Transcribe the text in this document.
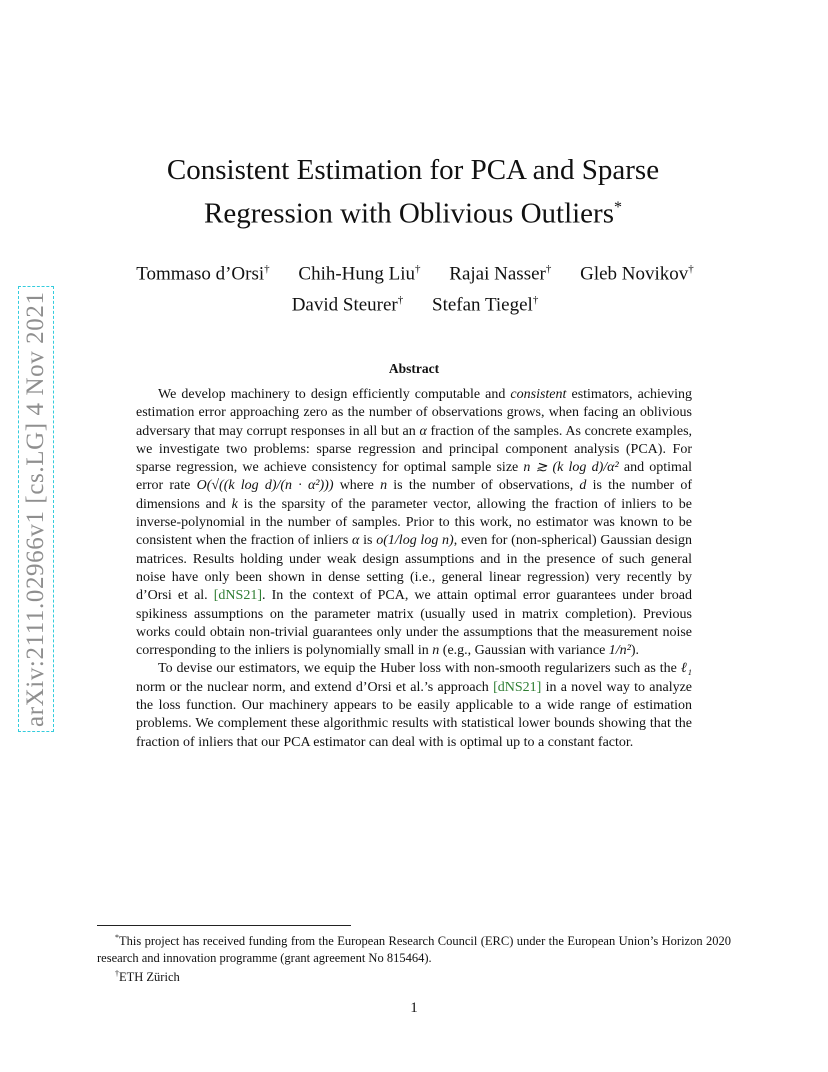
arXiv:2111.02966v1 [cs.LG] 4 Nov 2021
Consistent Estimation for PCA and Sparse Regression with Oblivious Outliers*
Tommaso d’Orsi† Chih-Hung Liu† Rajai Nasser† Gleb Novikov†
David Steurer† Stefan Tiegel†
Abstract

We develop machinery to design efficiently computable and consistent estimators, achieving estimation error approaching zero as the number of observations grows, when facing an oblivious adversary that may corrupt responses in all but an α fraction of the samples. As concrete examples, we investigate two problems: sparse regression and principal component analysis (PCA). For sparse regression, we achieve consistency for optimal sample size n ≳ (k log d)/α² and optimal error rate O(√((k log d)/(n · α²))) where n is the number of observations, d is the number of dimensions and k is the sparsity of the parameter vector, allowing the fraction of inliers to be inverse-polynomial in the number of samples. Prior to this work, no estimator was known to be consistent when the fraction of inliers α is o(1/log log n), even for (non-spherical) Gaussian design matrices. Results holding under weak design assumptions and in the presence of such general noise have only been shown in dense setting (i.e., general linear regression) very recently by d’Orsi et al. [dNS21]. In the context of PCA, we attain optimal error guarantees under broad spikiness assumptions on the parameter matrix (usually used in matrix completion). Previous works could obtain non-trivial guarantees only under the assumptions that the measurement noise corresponding to the inliers is polynomially small in n (e.g., Gaussian with variance 1/n²).

To devise our estimators, we equip the Huber loss with non-smooth regularizers such as the ℓ₁ norm or the nuclear norm, and extend d’Orsi et al.’s approach [dNS21] in a novel way to analyze the loss function. Our machinery appears to be easily applicable to a wide range of estimation problems. We complement these algorithmic results with statistical lower bounds showing that the fraction of inliers that our PCA estimator can deal with is optimal up to a constant factor.

*This project has received funding from the European Research Council (ERC) under the European Union’s Horizon 2020 research and innovation programme (grant agreement No 815464).

†ETH Zürich

1
